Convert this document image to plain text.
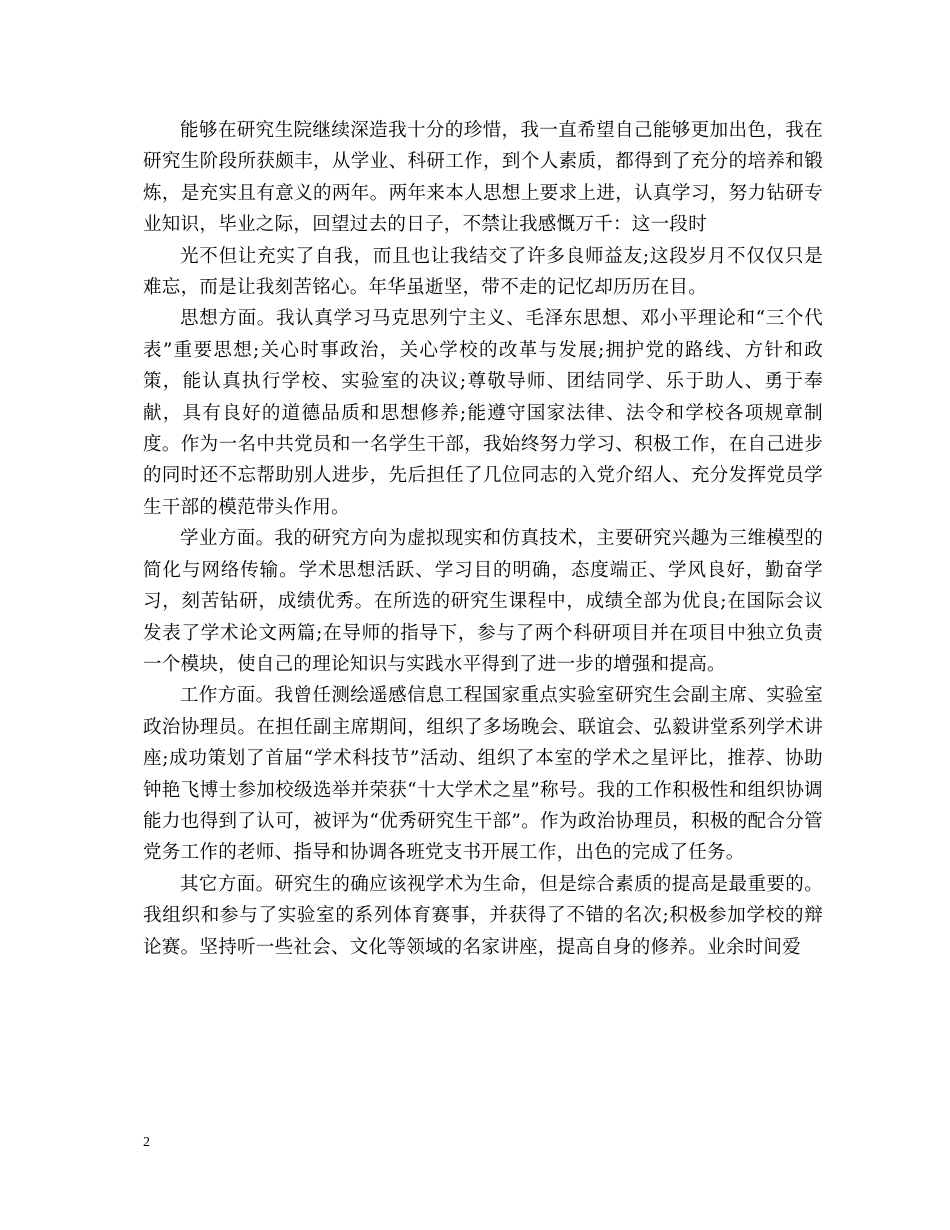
能够在研究生院继续深造我十分的珍惜，我一直希望自己能够更加出色，我在研究生阶段所获颇丰，从学业、科研工作，到个人素质，都得到了充分的培养和锻炼，是充实且有意义的两年。两年来本人思想上要求上进，认真学习，努力钻研专业知识，毕业之际，回望过去的日子，不禁让我感慨万千：这一段时

光不但让充实了自我，而且也让我结交了许多良师益友;这段岁月不仅仅只是难忘，而是让我刻苦铭心。年华虽逝坚，带不走的记忆却历历在目。

思想方面。我认真学习马克思列宁主义、毛泽东思想、邓小平理论和“三个代表”重要思想;关心时事政治，关心学校的改革与发展;拥护党的路线、方针和政策，能认真执行学校、实验室的决议;尊敬导师、团结同学、乐于助人、勇于奉献，具有良好的道德品质和思想修养;能遵守国家法律、法令和学校各项规章制度。作为一名中共党员和一名学生干部，我始终努力学习、积极工作，在自己进步的同时还不忘帮助别人进步，先后担任了几位同志的入党介绍人、充分发挥党员学生干部的模范带头作用。

学业方面。我的研究方向为虚拟现实和仿真技术，主要研究兴趣为三维模型的简化与网络传输。学术思想活跃、学习目的明确，态度端正、学风良好，勤奋学习，刻苦钻研，成绩优秀。在所选的研究生课程中，成绩全部为优良;在国际会议发表了学术论文两篇;在导师的指导下，参与了两个科研项目并在项目中独立负责一个模块，使自己的理论知识与实践水平得到了进一步的增强和提高。

工作方面。我曾任测绘遥感信息工程国家重点实验室研究生会副主席、实验室政治协理员。在担任副主席期间，组织了多场晚会、联谊会、弘毅讲堂系列学术讲座;成功策划了首届“学术科技节”活动、组织了本室的学术之星评比，推荐、协助钟艳飞博士参加校级选举并荣获“十大学术之星”称号。我的工作积极性和组织协调能力也得到了认可，被评为“优秀研究生干部”。作为政治协理员，积极的配合分管党务工作的老师、指导和协调各班党支书开展工作，出色的完成了任务。

其它方面。研究生的确应该视学术为生命，但是综合素质的提高是最重要的。我组织和参与了实验室的系列体育赛事，并获得了不错的名次;积极参加学校的辩论赛。坚持听一些社会、文化等领域的名家讲座，提高自身的修养。业余时间爱

2
